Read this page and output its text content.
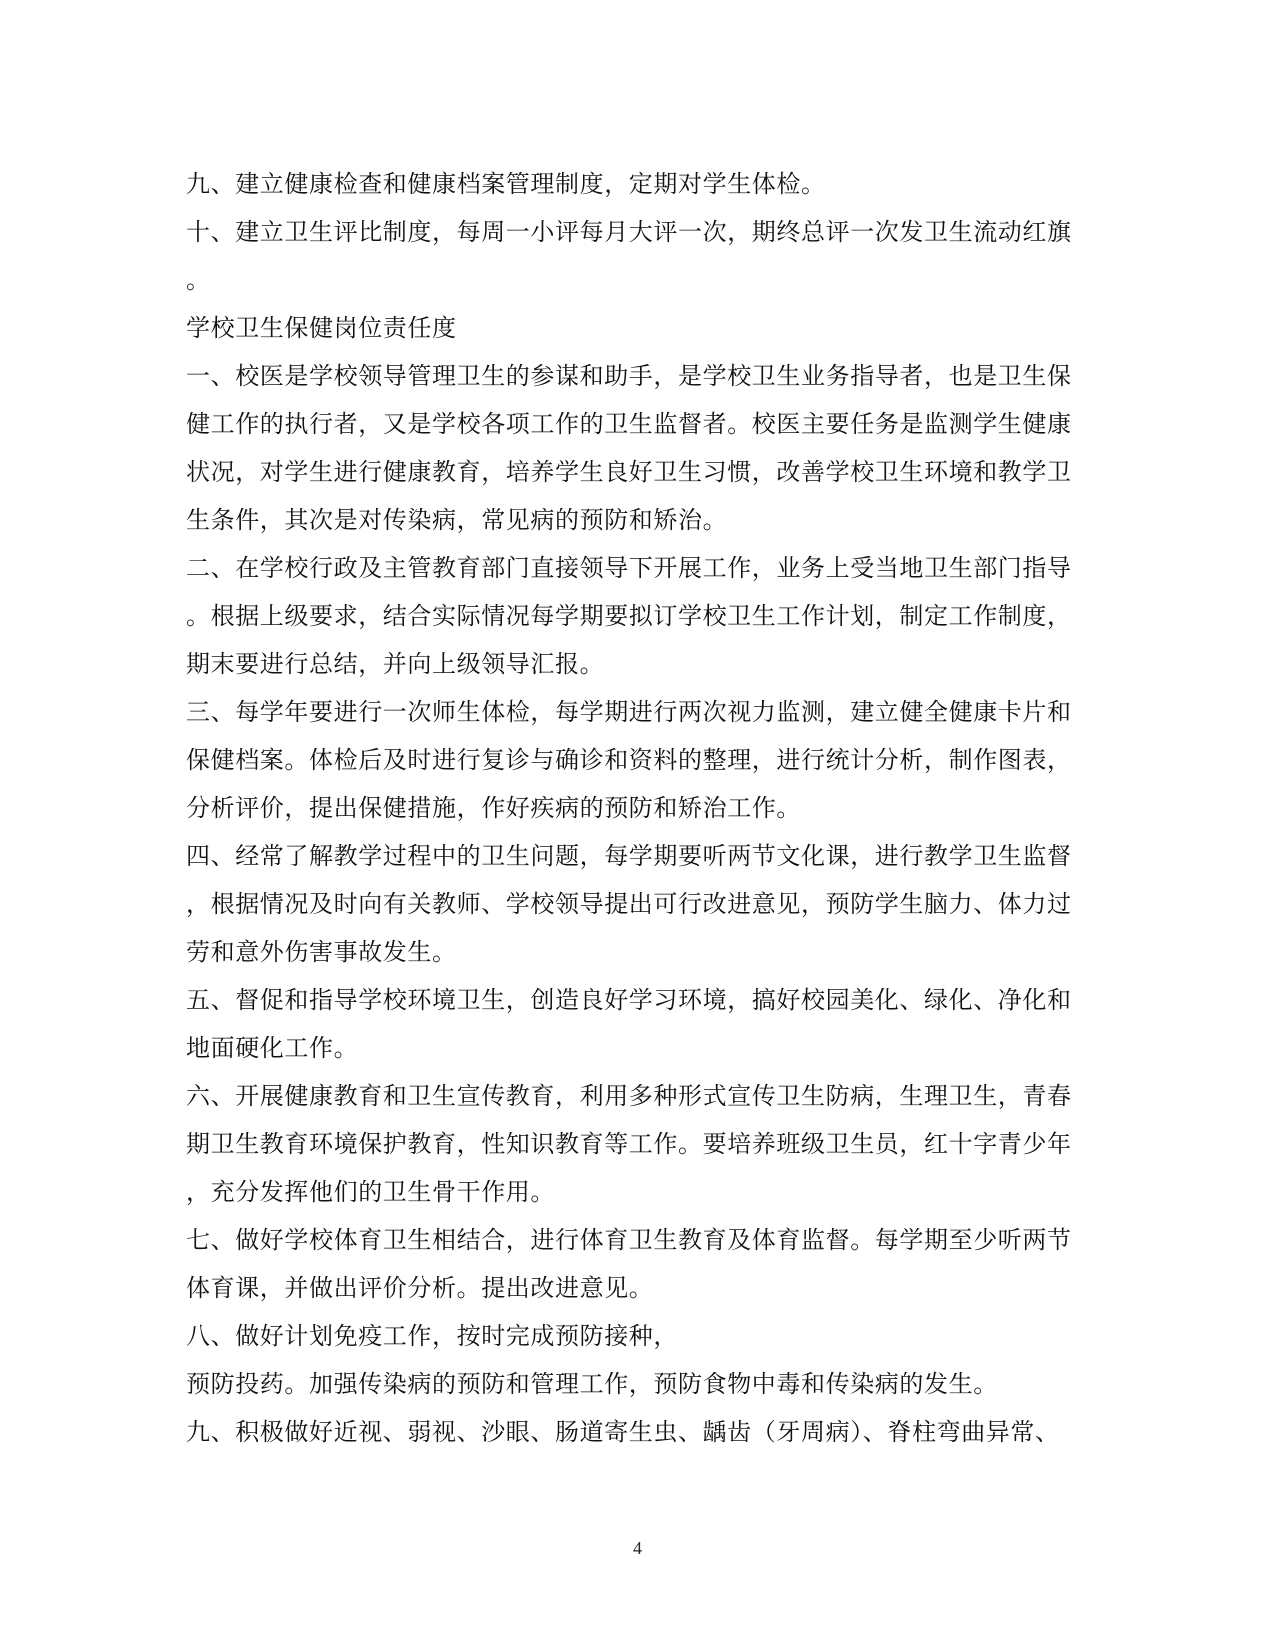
九、建立健康检查和健康档案管理制度，定期对学生体检。
十、建立卫生评比制度，每周一小评每月大评一次，期终总评一次发卫生流动红旗
。
学校卫生保健岗位责任度
一、校医是学校领导管理卫生的参谋和助手，是学校卫生业务指导者，也是卫生保
健工作的执行者，又是学校各项工作的卫生监督者。校医主要任务是监测学生健康
状况，对学生进行健康教育，培养学生良好卫生习惯，改善学校卫生环境和教学卫
生条件，其次是对传染病，常见病的预防和矫治。
二、在学校行政及主管教育部门直接领导下开展工作，业务上受当地卫生部门指导
。根据上级要求，结合实际情况每学期要拟订学校卫生工作计划，制定工作制度，
期末要进行总结，并向上级领导汇报。
三、每学年要进行一次师生体检，每学期进行两次视力监测，建立健全健康卡片和
保健档案。体检后及时进行复诊与确诊和资料的整理，进行统计分析，制作图表，
分析评价，提出保健措施，作好疾病的预防和矫治工作。
四、经常了解教学过程中的卫生问题，每学期要听两节文化课，进行教学卫生监督
，根据情况及时向有关教师、学校领导提出可行改进意见，预防学生脑力、体力过
劳和意外伤害事故发生。
五、督促和指导学校环境卫生，创造良好学习环境，搞好校园美化、绿化、净化和
地面硬化工作。
六、开展健康教育和卫生宣传教育，利用多种形式宣传卫生防病，生理卫生，青春
期卫生教育环境保护教育，性知识教育等工作。要培养班级卫生员，红十字青少年
，充分发挥他们的卫生骨干作用。
七、做好学校体育卫生相结合，进行体育卫生教育及体育监督。每学期至少听两节
体育课，并做出评价分析。提出改进意见。
八、做好计划免疫工作，按时完成预防接种，
预防投药。加强传染病的预防和管理工作，预防食物中毒和传染病的发生。
九、积极做好近视、弱视、沙眼、肠道寄生虫、龋齿（牙周病）、脊柱弯曲异常、
4
